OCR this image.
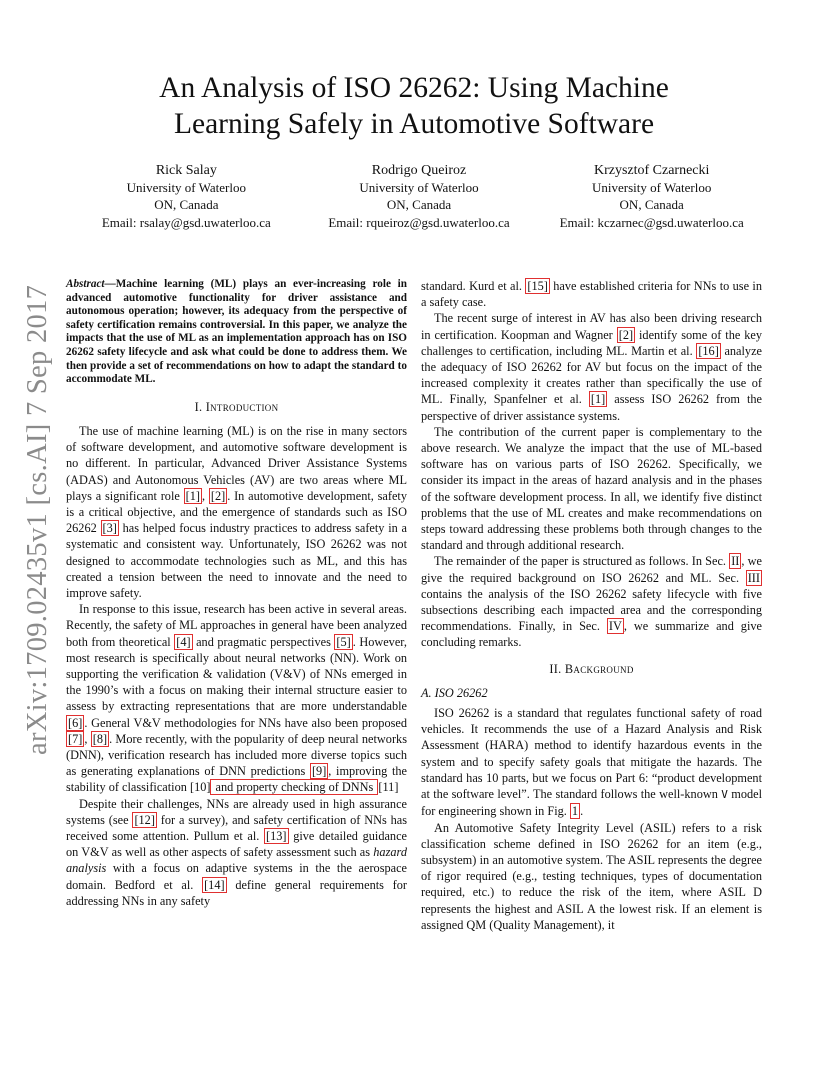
An Analysis of ISO 26262: Using Machine
Learning Safely in Automotive Software
Rick Salay
University of Waterloo
ON, Canada
Email: rsalay@gsd.uwaterloo.ca
Rodrigo Queiroz
University of Waterloo
ON, Canada
Email: rqueiroz@gsd.uwaterloo.ca
Krzysztof Czarnecki
University of Waterloo
ON, Canada
Email: kczarnec@gsd.uwaterloo.ca
arXiv:1709.02435v1 [cs.AI] 7 Sep 2017
Abstract—Machine learning (ML) plays an ever-increasing role in advanced automotive functionality for driver assistance and autonomous operation; however, its adequacy from the perspective of safety certification remains controversial. In this paper, we analyze the impacts that the use of ML as an implementation approach has on ISO 26262 safety lifecycle and ask what could be done to address them. We then provide a set of recommendations on how to adapt the standard to accommodate ML.
I. Introduction

The use of machine learning (ML) is on the rise in many sectors of software development, and automotive software development is no different. In particular, Advanced Driver Assistance Systems (ADAS) and Autonomous Vehicles (AV) are two areas where ML plays a significant role [1] , [2] . In automotive development, safety is a critical objective, and the emergence of standards such as ISO 26262 [3] has helped focus industry practices to address safety in a systematic and consistent way. Unfortunately, ISO 26262 was not designed to accommodate technologies such as ML, and this has created a tension between the need to innovate and the need to improve safety.

In response to this issue, research has been active in several areas. Recently, the safety of ML approaches in general have been analyzed both from theoretical [4] and pragmatic perspectives [5] . However, most research is specifically about neural networks (NN). Work on supporting the verification & validation (V&V) of NNs emerged in the 1990’s with a focus on making their internal structure easier to assess by extracting representations that are more understandable [6] . General V&V methodologies for NNs have also been proposed [7] , [8] . More recently, with the popularity of deep neural networks (DNN), verification research has included more diverse topics such as generating explanations of DNN predictions [9] , improving the stability of classification [10] and property checking of DNNs [11]

Despite their challenges, NNs are already used in high assurance systems (see [12] for a survey), and safety certification of NNs has received some attention. Pullum et al. [13] give detailed guidance on V&V as well as other aspects of safety assessment such as hazard analysis with a focus on adaptive systems in the the aerospace domain. Bedford et al. [14] define general requirements for addressing NNs in any safety

standard. Kurd et al. [15] have established criteria for NNs to use in a safety case.

The recent surge of interest in AV has also been driving research in certification. Koopman and Wagner [2] identify some of the key challenges to certification, including ML. Martin et al. [16] analyze the adequacy of ISO 26262 for AV but focus on the impact of the increased complexity it creates rather than specifically the use of ML. Finally, Spanfelner et al. [1] assess ISO 26262 from the perspective of driver assistance systems.

The contribution of the current paper is complementary to the above research. We analyze the impact that the use of ML-based software has on various parts of ISO 26262. Specifically, we consider its impact in the areas of hazard analysis and in the phases of the software development process. In all, we identify five distinct problems that the use of ML creates and make recommendations on steps toward addressing these problems both through changes to the standard and through additional research.

The remainder of the paper is structured as follows. In Sec. II , we give the required background on ISO 26262 and ML. Sec. III contains the analysis of the ISO 26262 safety lifecycle with five subsections describing each impacted area and the corresponding recommendations. Finally, in Sec. IV , we summarize and give concluding remarks.

II. Background
A. ISO 26262

ISO 26262 is a standard that regulates functional safety of road vehicles. It recommends the use of a Hazard Analysis and Risk Assessment (HARA) method to identify hazardous events in the system and to specify safety goals that mitigate the hazards. The standard has 10 parts, but we focus on Part 6: “product development at the software level”. The standard follows the well-known V model for engineering shown in Fig. 1 .

An Automotive Safety Integrity Level (ASIL) refers to a risk classification scheme defined in ISO 26262 for an item (e.g., subsystem) in an automotive system. The ASIL represents the degree of rigor required (e.g., testing techniques, types of documentation required, etc.) to reduce the risk of the item, where ASIL D represents the highest and ASIL A the lowest risk. If an element is assigned QM (Quality Management), it
